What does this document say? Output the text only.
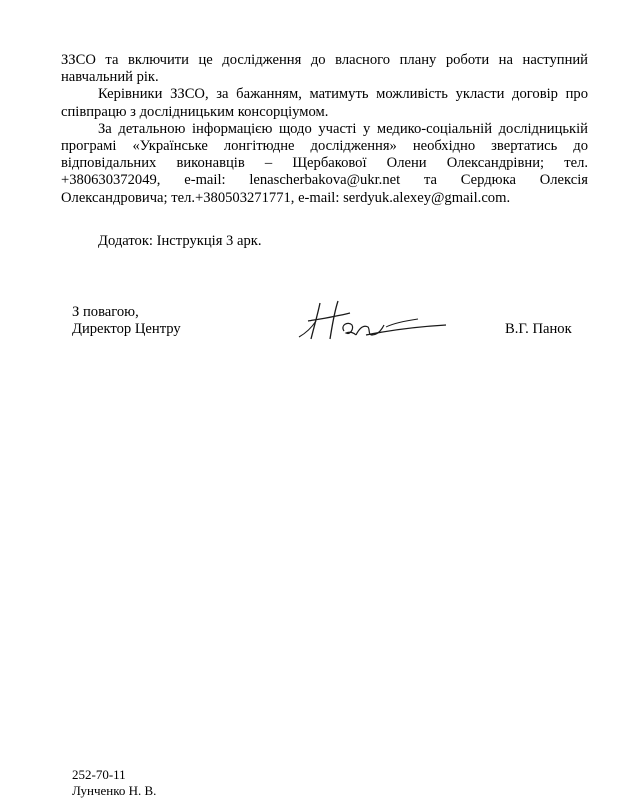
ЗЗСО та включити це дослідження до власного плану роботи на наступний навчальний рік.

Керівники ЗЗСО, за бажанням, матимуть можливість укласти договір про співпрацю з дослідницьким консорціумом.

За детальною інформацією щодо участі у медико-соціальній дослідницькій програмі «Українське лонгітюдне дослідження» необхідно звертатись до відповідальних виконавців – Щербакової Олени Олександрівни; тел. +380630372049, e-mail: lenascherbakova@ukr.net та Сердюка Олексія Олександровича; тел.+380503271771, e-mail: serdyuk.alexey@gmail.com.

Додаток: Інструкція 3 арк.
З повагою,
Директор Центру	В.Г. Панок
252-70-11
Лунченко Н. В.
